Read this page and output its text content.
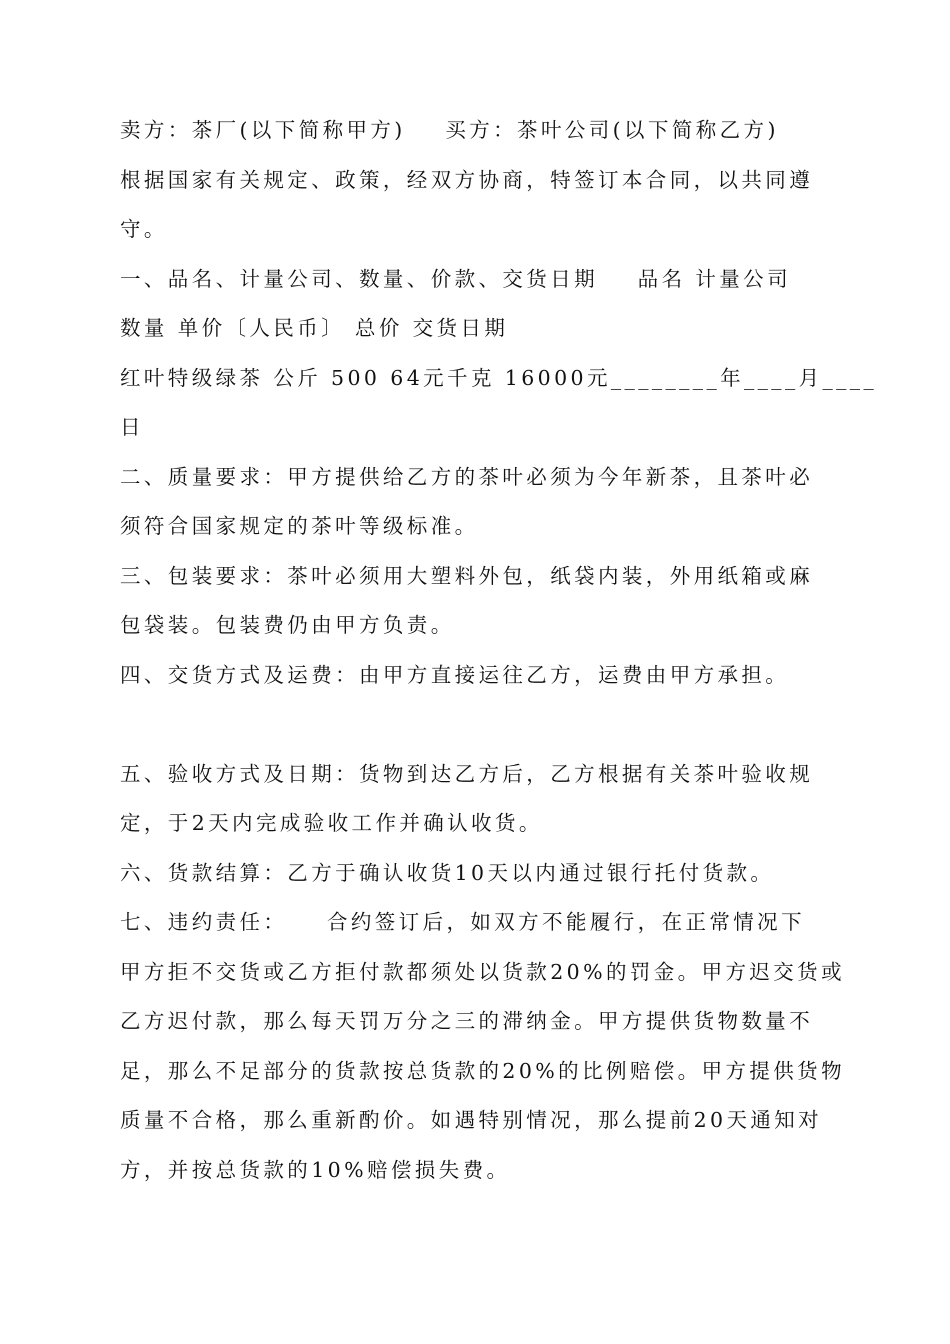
卖方：茶厂(以下简称甲方)    买方：茶叶公司(以下简称乙方)
根据国家有关规定、政策，经双方协商，特签订本合同，以共同遵
守。
一、品名、计量公司、数量、价款、交货日期    品名 计量公司
数量 单价〔人民币〕 总价 交货日期
红叶特级绿茶 公斤 500 64元千克 16000元________年____月____
日
二、质量要求：甲方提供给乙方的茶叶必须为今年新茶，且茶叶必
须符合国家规定的茶叶等级标准。
三、包装要求：茶叶必须用大塑料外包，纸袋内装，外用纸箱或麻
包袋装。包装费仍由甲方负责。
四、交货方式及运费：由甲方直接运往乙方，运费由甲方承担。
五、验收方式及日期：货物到达乙方后，乙方根据有关茶叶验收规
定，于2天内完成验收工作并确认收货。
六、货款结算：乙方于确认收货10天以内通过银行托付货款。
七、违约责任：    合约签订后，如双方不能履行，在正常情况下
甲方拒不交货或乙方拒付款都须处以货款20%的罚金。甲方迟交货或
乙方迟付款，那么每天罚万分之三的滞纳金。甲方提供货物数量不
足，那么不足部分的货款按总货款的20%的比例赔偿。甲方提供货物
质量不合格，那么重新酌价。如遇特别情况，那么提前20天通知对
方，并按总货款的10%赔偿损失费。
